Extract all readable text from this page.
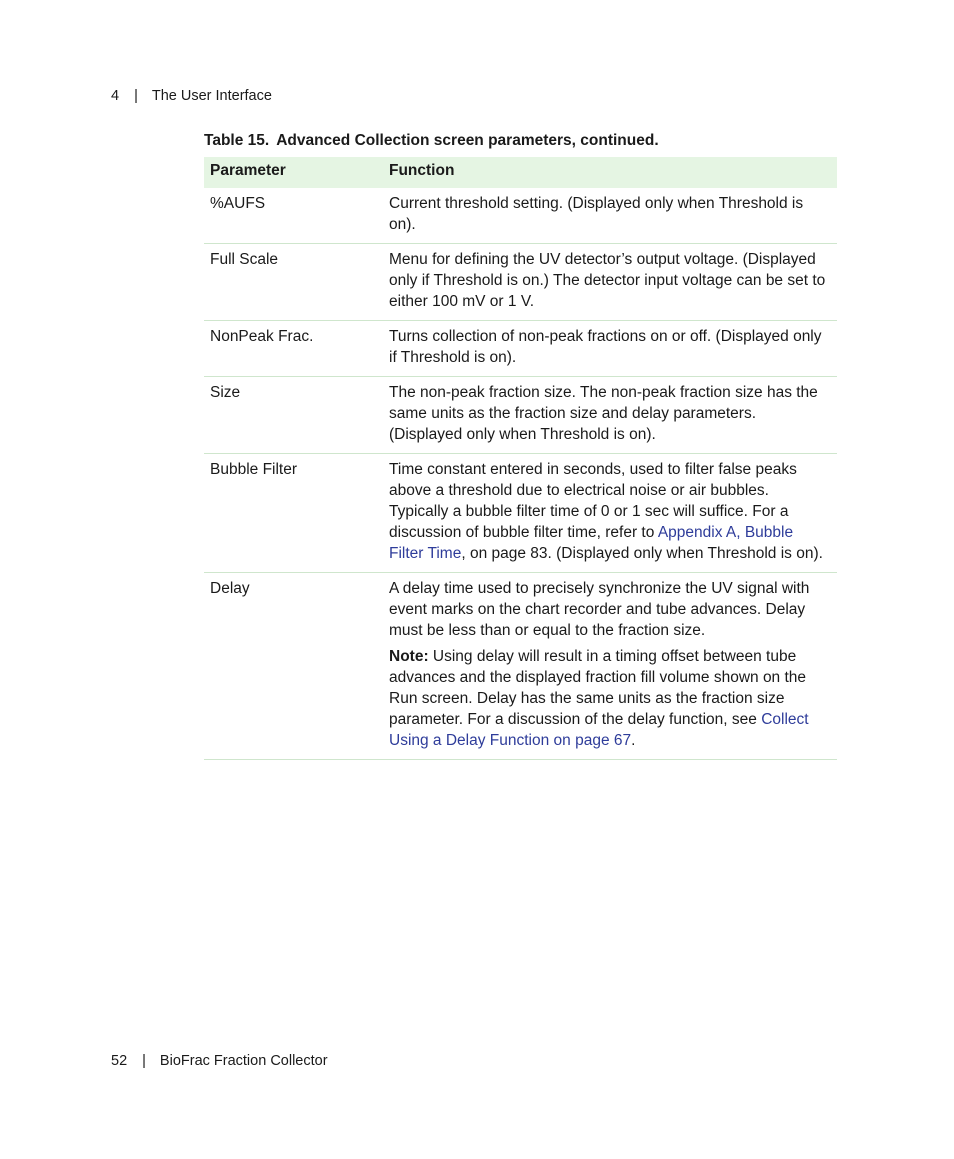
4 | The User Interface
Table 15. Advanced Collection screen parameters, continued.
Parameter	Function
%AUFS	Current threshold setting. (Displayed only when Threshold is on).
Full Scale	Menu for defining the UV detector’s output voltage. (Displayed only if Threshold is on.) The detector input voltage can be set to either 100 mV or 1 V.
NonPeak Frac.	Turns collection of non-peak fractions on or off. (Displayed only if Threshold is on).
Size	The non-peak fraction size. The non-peak fraction size has the same units as the fraction size and delay parameters. (Displayed only when Threshold is on).
Bubble Filter	Time constant entered in seconds, used to filter false peaks above a threshold due to electrical noise or air bubbles. Typically a bubble filter time of 0 or 1 sec will suffice. For a discussion of bubble filter time, refer to Appendix A, Bubble Filter Time, on page 83. (Displayed only when Threshold is on).
Delay	A delay time used to precisely synchronize the UV signal with event marks on the chart recorder and tube advances. Delay must be less than or equal to the fraction size.
Note: Using delay will result in a timing offset between tube advances and the displayed fraction fill volume shown on the Run screen. Delay has the same units as the fraction size parameter. For a discussion of the delay function, see Collect Using a Delay Function on page 67.
52 | BioFrac Fraction Collector
